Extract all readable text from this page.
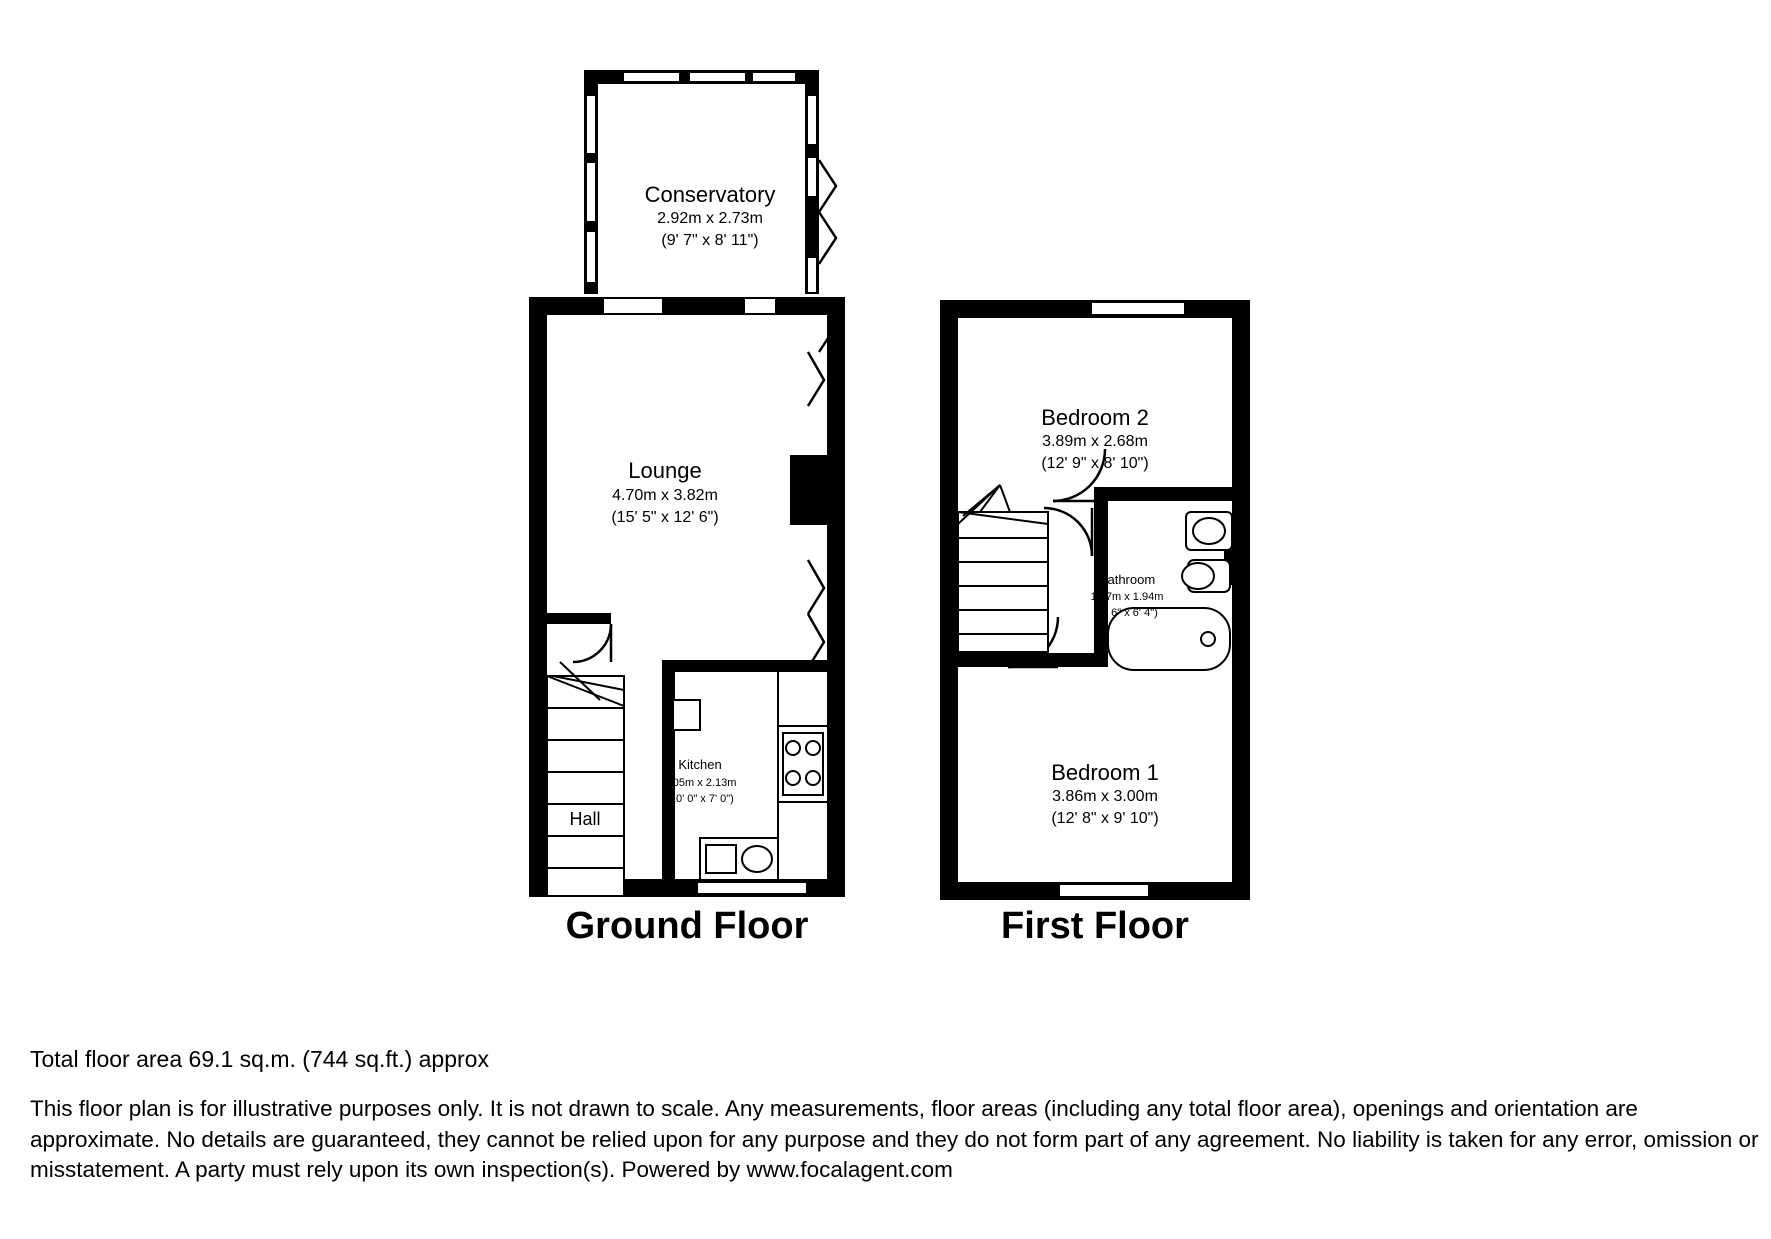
Conservatory
2.92m x 2.73m
(9' 7" x 8' 11")
Lounge
4.70m x 3.82m
(15' 5" x 12' 6")
Kitchen
3.05m x 2.13m
(10' 0" x 7' 0")
Hall
Ground Floor
Bedroom 2
3.89m x 2.68m
(12' 9" x 8' 10")
Bathroom
1.97m x 1.94m
(6' 6" x 6' 4")
Bedroom 1
3.86m x 3.00m
(12' 8" x 9' 10")
First Floor
Total floor area 69.1 sq.m. (744 sq.ft.) approx
This floor plan is for illustrative purposes only. It is not drawn to scale. Any measurements, floor areas (including any total floor area), openings and orientation are approximate. No details are guaranteed, they cannot be relied upon for any purpose and they do not form part of any agreement. No liability is taken for any error, omission or misstatement. A party must rely upon its own inspection(s). Powered by www.focalagent.com
